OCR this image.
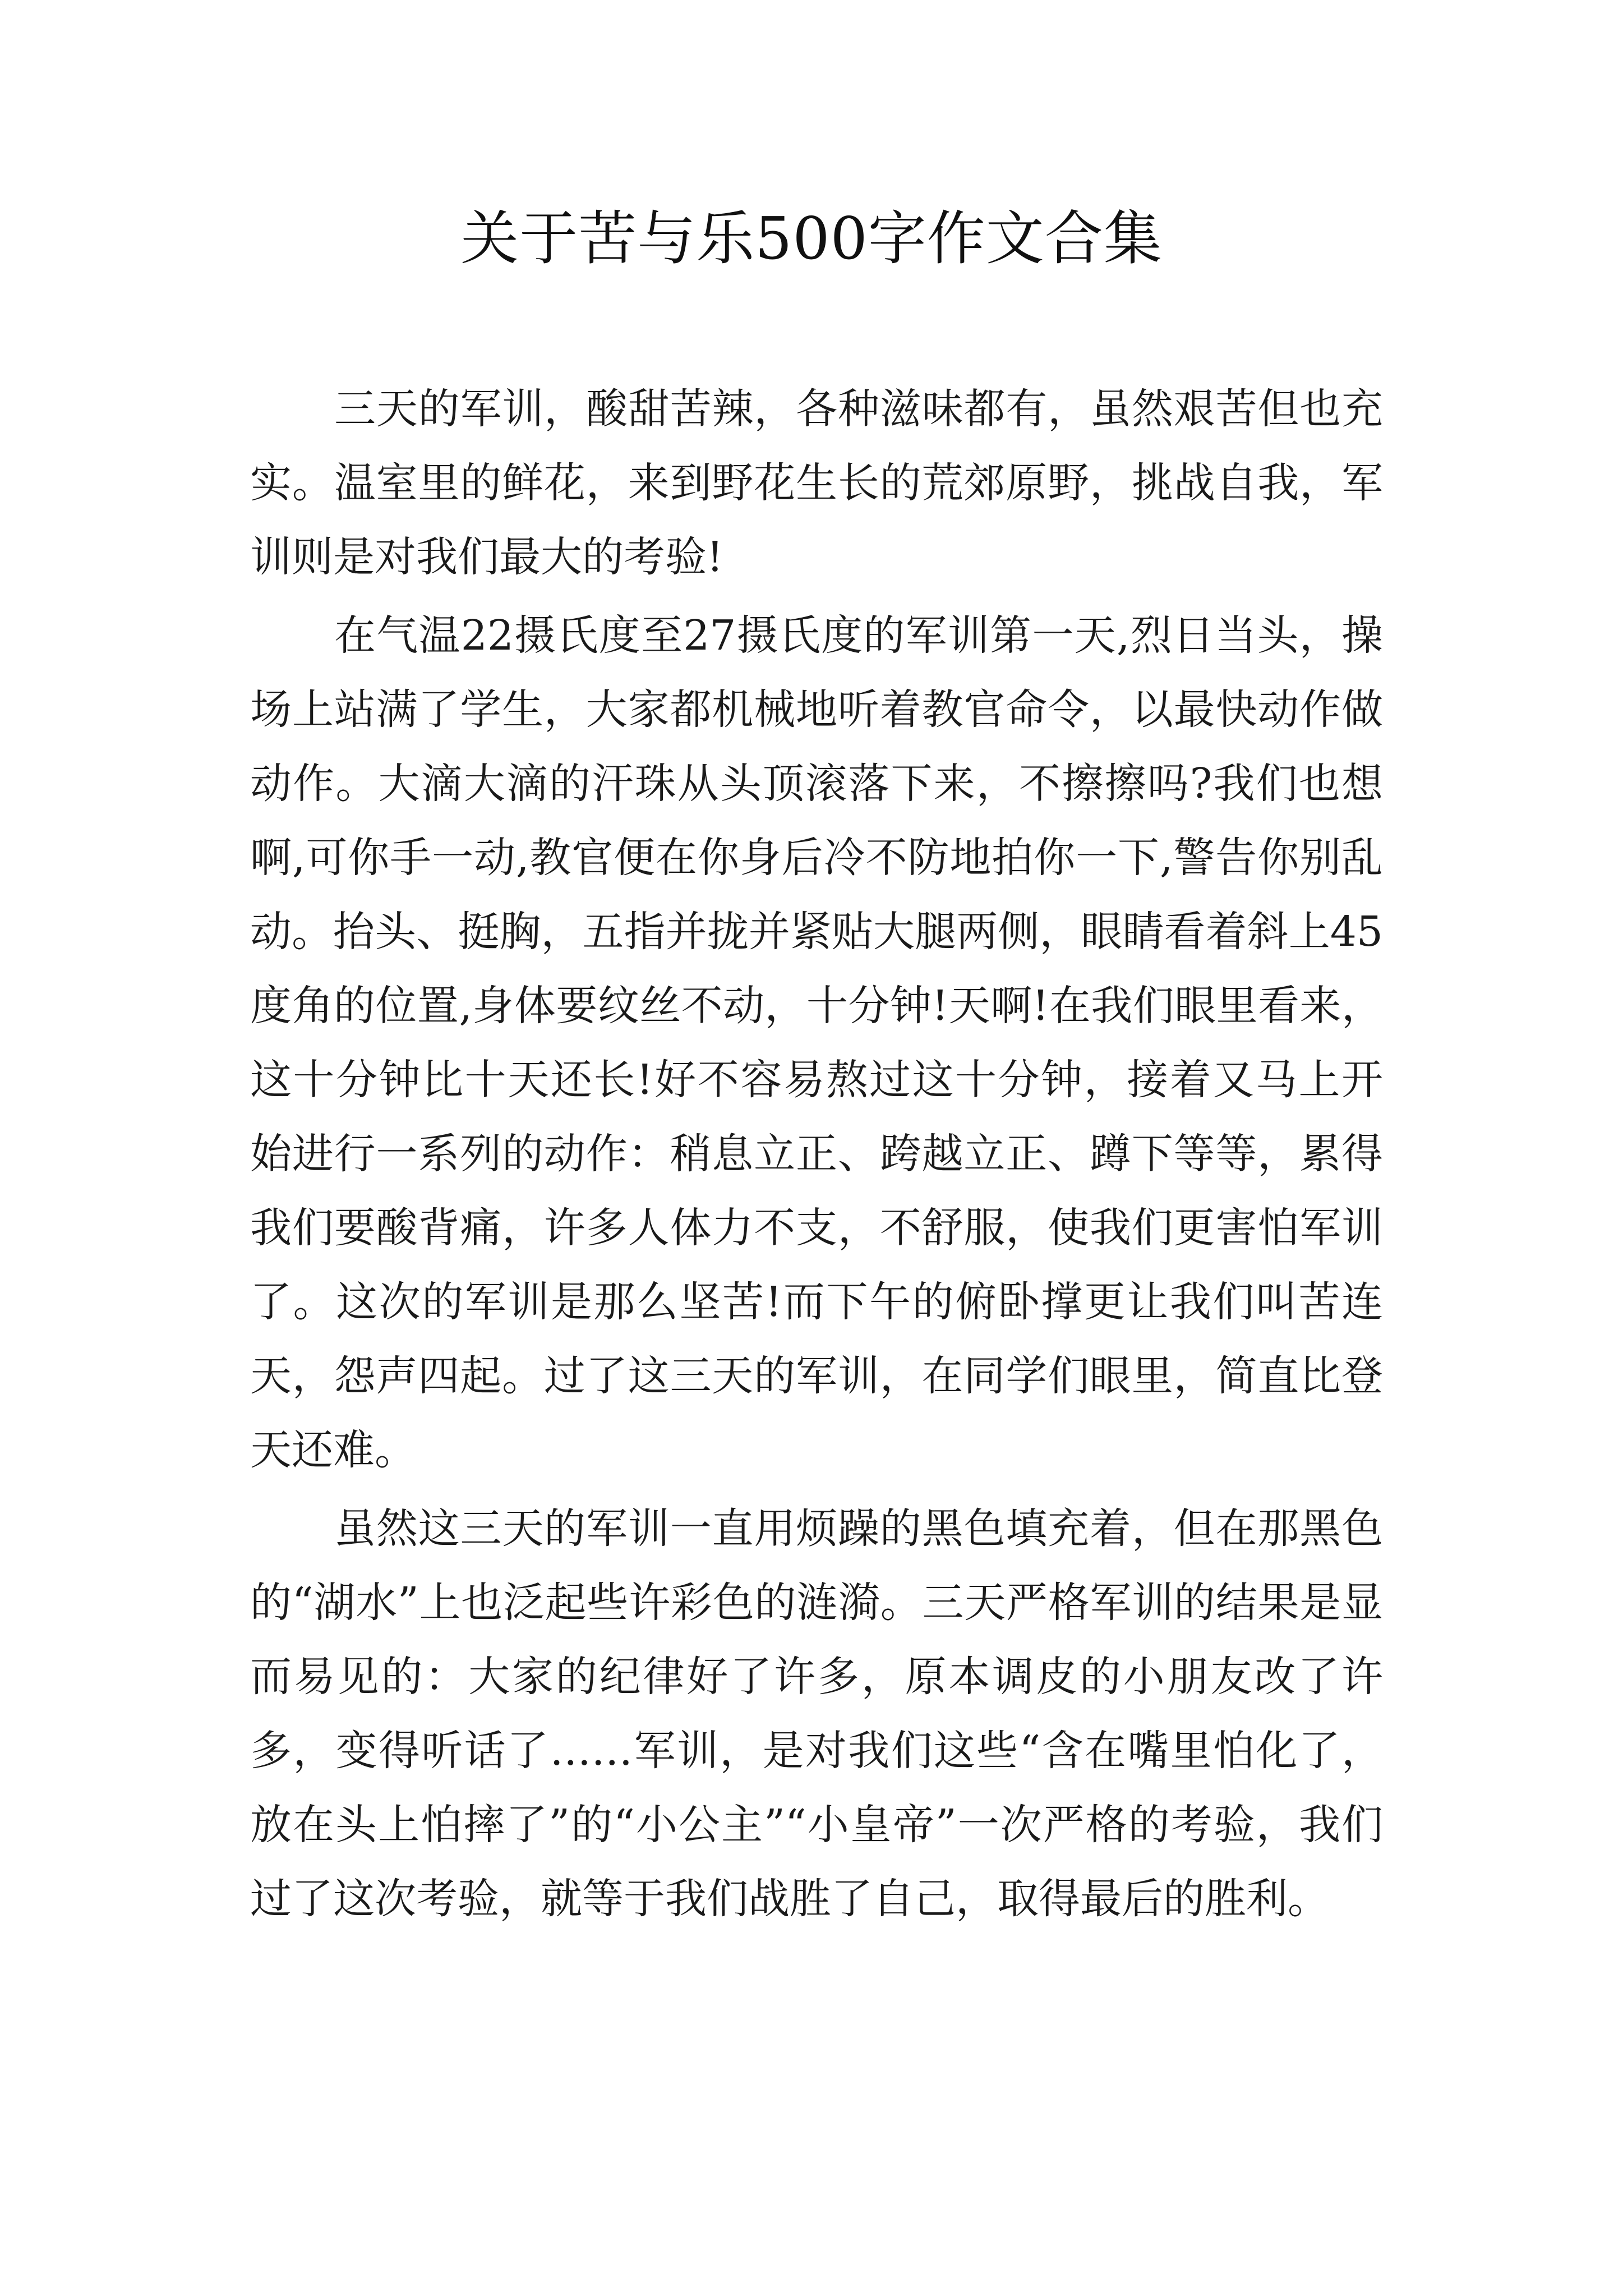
关于苦与乐500字作文合集

三天的军训，酸甜苦辣，各种滋味都有，虽然艰苦但也充实。温室里的鲜花，来到野花生长的荒郊原野，挑战自我，军训则是对我们最大的考验!

在气温22摄氏度至27摄氏度的军训第一天,烈日当头，操场上站满了学生，大家都机械地听着教官命令，以最快动作做动作。大滴大滴的汗珠从头顶滚落下来，不擦擦吗?我们也想啊,可你手一动,教官便在你身后冷不防地拍你一下,警告你别乱动。抬头、挺胸，五指并拢并紧贴大腿两侧，眼睛看着斜上45度角的位置,身体要纹丝不动，十分钟!天啊!在我们眼里看来，这十分钟比十天还长!好不容易熬过这十分钟，接着又马上开始进行一系列的动作：稍息立正、跨越立正、蹲下等等，累得我们要酸背痛，许多人体力不支，不舒服，使我们更害怕军训了。这次的军训是那么坚苦!而下午的俯卧撑更让我们叫苦连天，怨声四起。过了这三天的军训，在同学们眼里，简直比登天还难。

虽然这三天的军训一直用烦躁的黑色填充着，但在那黑色的“湖水”上也泛起些许彩色的涟漪。三天严格军训的结果是显而易见的：大家的纪律好了许多，原本调皮的小朋友改了许多，变得听话了……军训，是对我们这些“含在嘴里怕化了，放在头上怕摔了”的“小公主”“小皇帝”一次严格的考验，我们过了这次考验，就等于我们战胜了自己，取得最后的胜利。
